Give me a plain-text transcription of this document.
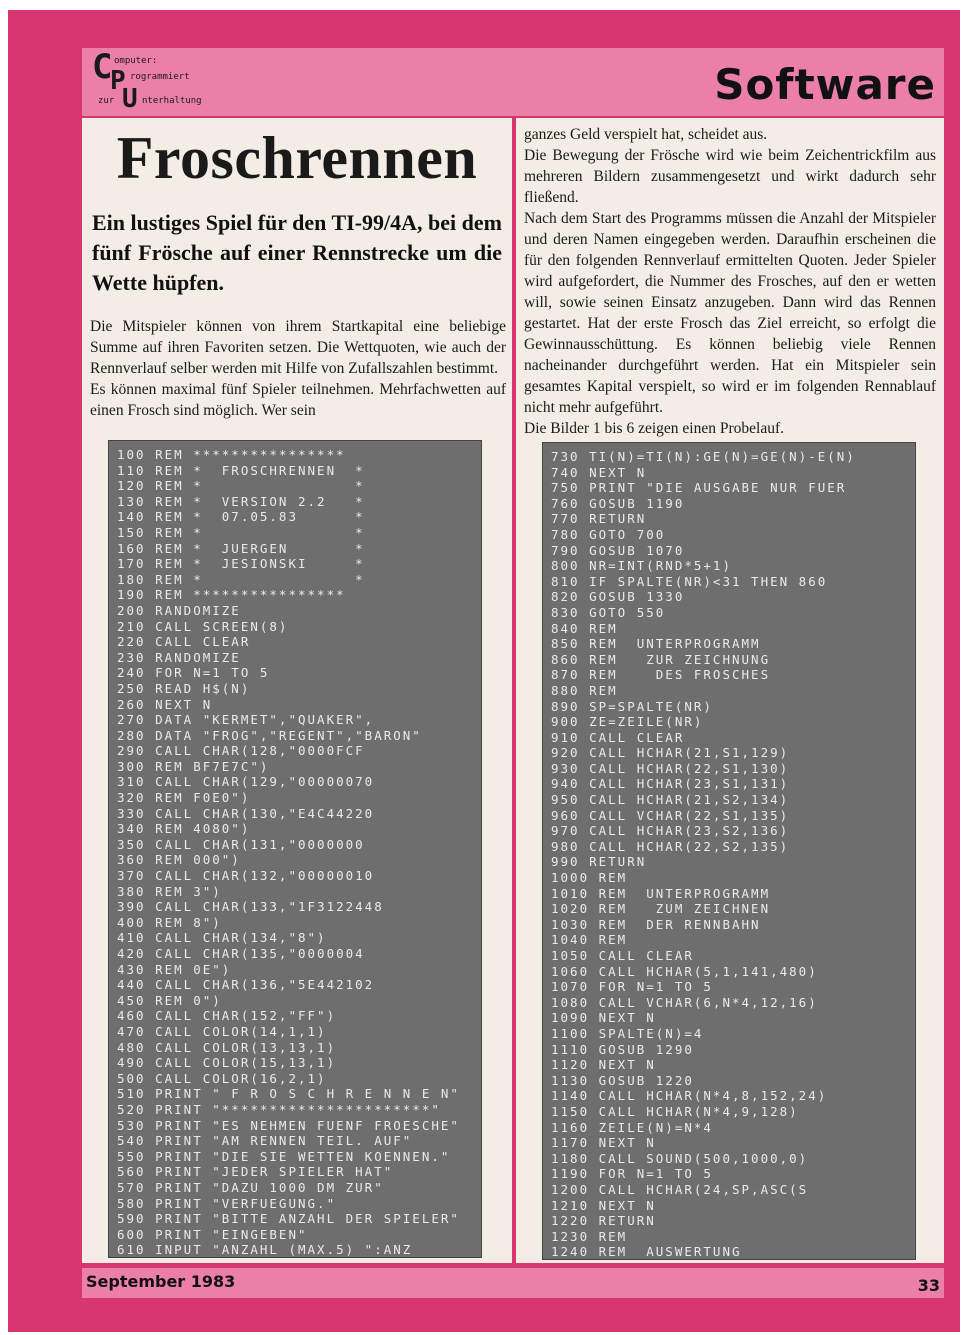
C omputer:
P rogrammiert
zur U nterhaltung	Software
Froschrennen
Ein lustiges Spiel für den TI-99/4A, bei dem fünf Frösche auf einer Rennstrecke um die Wette hüpfen.

Die Mitspieler können von ihrem Startkapital eine beliebige Summe auf ihren Favoriten setzen. Die Wettquoten, wie auch der Rennverlauf selber werden mit Hilfe von Zufallszahlen bestimmt.

Es können maximal fünf Spieler teilnehmen. Mehrfachwetten auf einen Frosch sind möglich. Wer sein

100 REM ****************
110 REM *  FROSCHRENNEN  *
120 REM *                *
130 REM *  VERSION 2.2   *
140 REM *  07.05.83      *
150 REM *                *
160 REM *  JUERGEN       *
170 REM *  JESIONSKI     *
180 REM *                *
190 REM ****************
200 RANDOMIZE
210 CALL SCREEN(8)
220 CALL CLEAR
230 RANDOMIZE
240 FOR N=1 TO 5
250 READ H$(N)
260 NEXT N
270 DATA "KERMET","QUAKER",
280 DATA "FROG","REGENT","BARON"
290 CALL CHAR(128,"0000FCF
300 REM BF7E7C")
310 CALL CHAR(129,"00000070
320 REM F0E0")
330 CALL CHAR(130,"E4C44220
340 REM 4080")
350 CALL CHAR(131,"0000000
360 REM 000")
370 CALL CHAR(132,"00000010
380 REM 3")
390 CALL CHAR(133,"1F3122448
400 REM 8")
410 CALL CHAR(134,"8")
420 CALL CHAR(135,"0000004
430 REM 0E")
440 CALL CHAR(136,"5E442102
450 REM 0")
460 CALL CHAR(152,"FF")
470 CALL COLOR(14,1,1)
480 CALL COLOR(13,13,1)
490 CALL COLOR(15,13,1)
500 CALL COLOR(16,2,1)
510 PRINT " F R O S C H R E N N E N"
520 PRINT "**********************"
530 PRINT "ES NEHMEN FUENF FROESCHE"
540 PRINT "AM RENNEN TEIL. AUF"
550 PRINT "DIE SIE WETTEN KOENNEN."
560 PRINT "JEDER SPIELER HAT"
570 PRINT "DAZU 1000 DM ZUR"
580 PRINT "VERFUEGUNG."
590 PRINT "BITTE ANZAHL DER SPIELER"
600 PRINT "EINGEBEN"
610 INPUT "ANZAHL (MAX.5) ":ANZ

ganzes Geld verspielt hat, scheidet aus.

Die Bewegung der Frösche wird wie beim Zeichentrickfilm aus mehreren Bildern zusammengesetzt und wirkt dadurch sehr fließend.

Nach dem Start des Programms müssen die Anzahl der Mitspieler und deren Namen eingegeben werden. Daraufhin erscheinen die für den folgenden Rennverlauf ermittelten Quoten. Jeder Spieler wird aufgefordert, die Nummer des Frosches, auf den er wetten will, sowie seinen Einsatz anzugeben. Dann wird das Rennen gestartet. Hat der erste Frosch das Ziel erreicht, so erfolgt die Gewinnausschüttung. Es können beliebig viele Rennen nacheinander durchgeführt werden. Hat ein Mitspieler sein gesamtes Kapital verspielt, so wird er im folgenden Rennablauf nicht mehr aufgeführt.

Die Bilder 1 bis 6 zeigen einen Probelauf.

730 TI(N)=TI(N):GE(N)=GE(N)-E(N)
740 NEXT N
750 PRINT "DIE AUSGABE NUR FUER
760 GOSUB 1190
770 RETURN
780 GOTO 700
790 GOSUB 1070
800 NR=INT(RND*5+1)
810 IF SPALTE(NR)<31 THEN 860
820 GOSUB 1330
830 GOTO 550
840 REM
850 REM  UNTERPROGRAMM
860 REM   ZUR ZEICHNUNG
870 REM    DES FROSCHES
880 REM
890 SP=SPALTE(NR)
900 ZE=ZEILE(NR)
910 CALL CLEAR
920 CALL HCHAR(21,S1,129)
930 CALL HCHAR(22,S1,130)
940 CALL HCHAR(23,S1,131)
950 CALL HCHAR(21,S2,134)
960 CALL VCHAR(22,S1,135)
970 CALL HCHAR(23,S2,136)
980 CALL HCHAR(22,S2,135)
990 RETURN
1000 REM
1010 REM  UNTERPROGRAMM
1020 REM   ZUM ZEICHNEN
1030 REM  DER RENNBAHN
1040 REM
1050 CALL CLEAR
1060 CALL HCHAR(5,1,141,480)
1070 FOR N=1 TO 5
1080 CALL VCHAR(6,N*4,12,16)
1090 NEXT N
1100 SPALTE(N)=4
1110 GOSUB 1290
1120 NEXT N
1130 GOSUB 1220
1140 CALL HCHAR(N*4,8,152,24)
1150 CALL HCHAR(N*4,9,128)
1160 ZEILE(N)=N*4
1170 NEXT N
1180 CALL SOUND(500,1000,0)
1190 FOR N=1 TO 5
1200 CALL HCHAR(24,SP,ASC(S
1210 NEXT N
1220 RETURN
1230 REM
1240 REM  AUSWERTUNG

September 1983	33
